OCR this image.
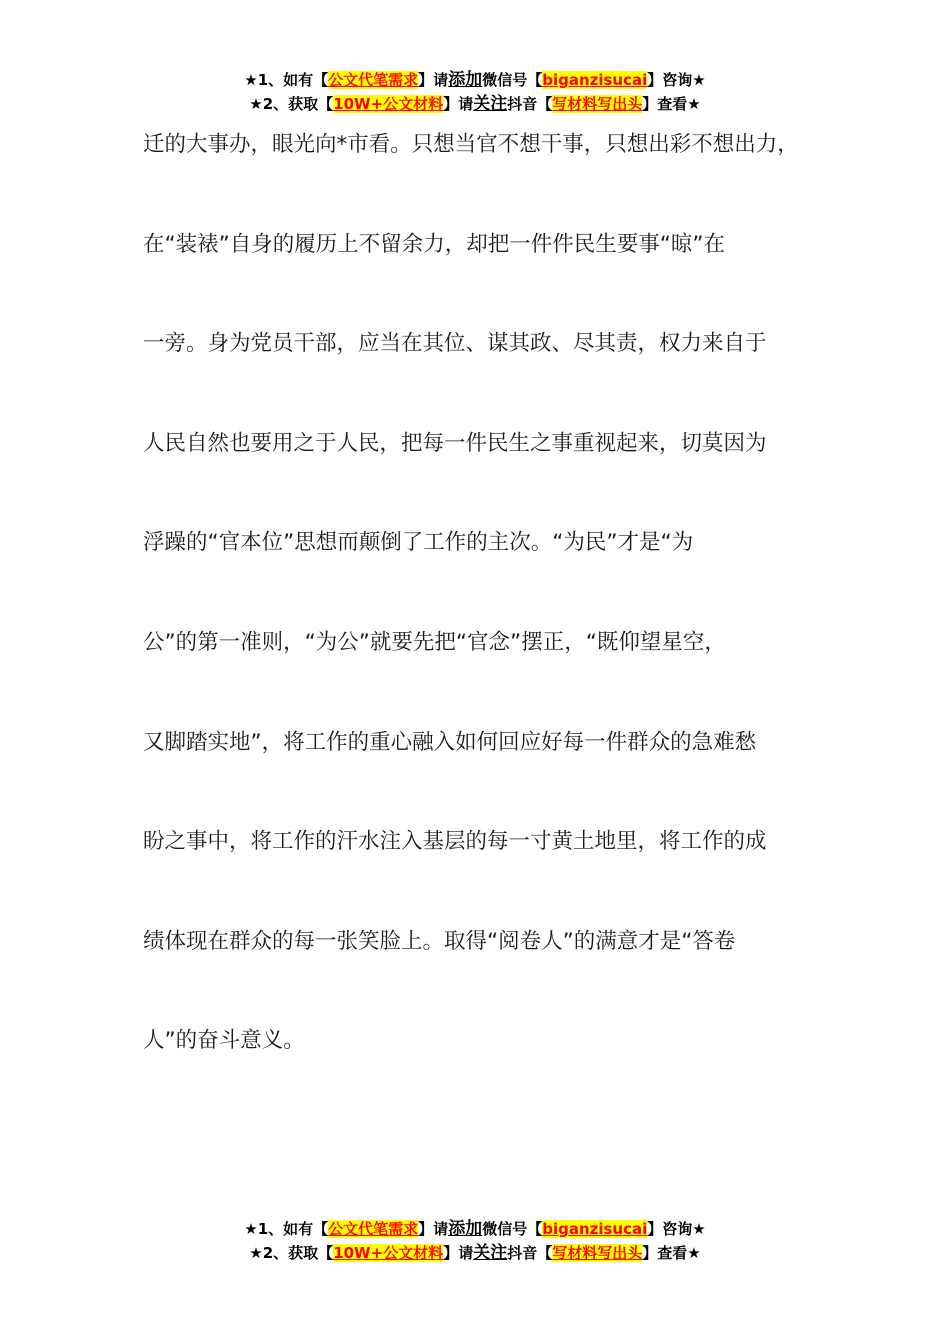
★1、如有【公文代笔需求】请添加微信号【biganzisucai】咨询★
★2、获取【10W+公文材料】请关注抖音【写材料写出头】查看★
迁的大事办，眼光向*市看。只想当官不想干事，只想出彩不想出力，
在“装裱”自身的履历上不留余力，却把一件件民生要事“晾”在
一旁。身为党员干部，应当在其位、谋其政、尽其责，权力来自于
人民自然也要用之于人民，把每一件民生之事重视起来，切莫因为
浮躁的“官本位”思想而颠倒了工作的主次。“为民”才是“为
公”的第一准则，“为公”就要先把“官念”摆正，“既仰望星空，
又脚踏实地”，将工作的重心融入如何回应好每一件群众的急难愁
盼之事中，将工作的汗水注入基层的每一寸黄土地里，将工作的成
绩体现在群众的每一张笑脸上。取得“阅卷人”的满意才是“答卷
人”的奋斗意义。
★1、如有【公文代笔需求】请添加微信号【biganzisucai】咨询★
★2、获取【10W+公文材料】请关注抖音【写材料写出头】查看★
